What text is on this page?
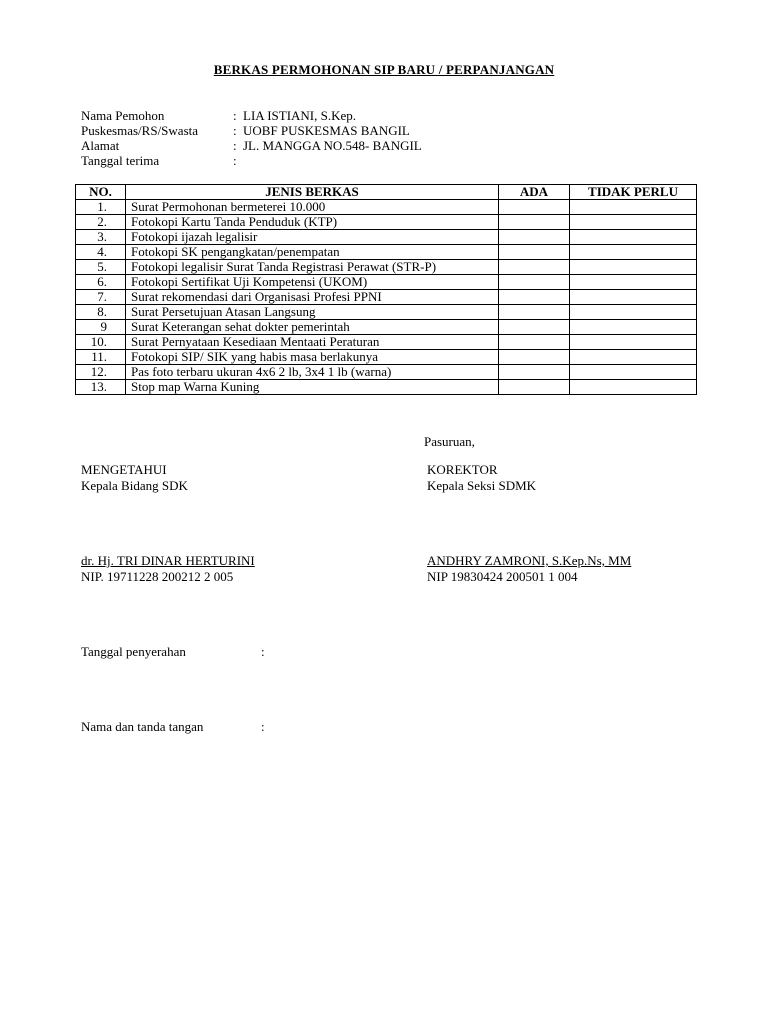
BERKAS PERMOHONAN SIP BARU / PERPANJANGAN
Nama Pemohon	: LIA ISTIANI, S.Kep.
Puskesmas/RS/Swasta	: UOBF PUSKESMAS BANGIL
Alamat	: JL. MANGGA NO.548- BANGIL
Tanggal terima	:
NO.	JENIS BERKAS	ADA	TIDAK PERLU
1.	Surat Permohonan bermeterei 10.000		
2.	Fotokopi Kartu Tanda Penduduk (KTP)		
3.	Fotokopi ijazah legalisir		
4.	Fotokopi SK pengangkatan/penempatan		
5.	Fotokopi legalisir Surat Tanda Registrasi Perawat (STR-P)		
6.	Fotokopi Sertifikat Uji Kompetensi (UKOM)		
7.	Surat rekomendasi dari Organisasi Profesi PPNI		
8.	Surat Persetujuan Atasan Langsung		
9	Surat Keterangan sehat dokter pemerintah		
10.	Surat Pernyataan Kesediaan Mentaati Peraturan		
11.	Fotokopi SIP/ SIK yang habis masa berlakunya		
12.	Pas foto terbaru ukuran 4x6 2 lb, 3x4 1 lb (warna)		
13.	Stop map Warna Kuning		
Pasuruan,
MENGETAHUI
Kepala Bidang SDK
dr. Hj. TRI DINAR HERTURINI
NIP. 19711228 200212 2 005
KOREKTOR
Kepala Seksi SDMK
ANDHRY ZAMRONI, S.Kep.Ns, MM
NIP 19830424 200501 1 004
Tanggal penyerahan	:
Nama dan tanda tangan	:
